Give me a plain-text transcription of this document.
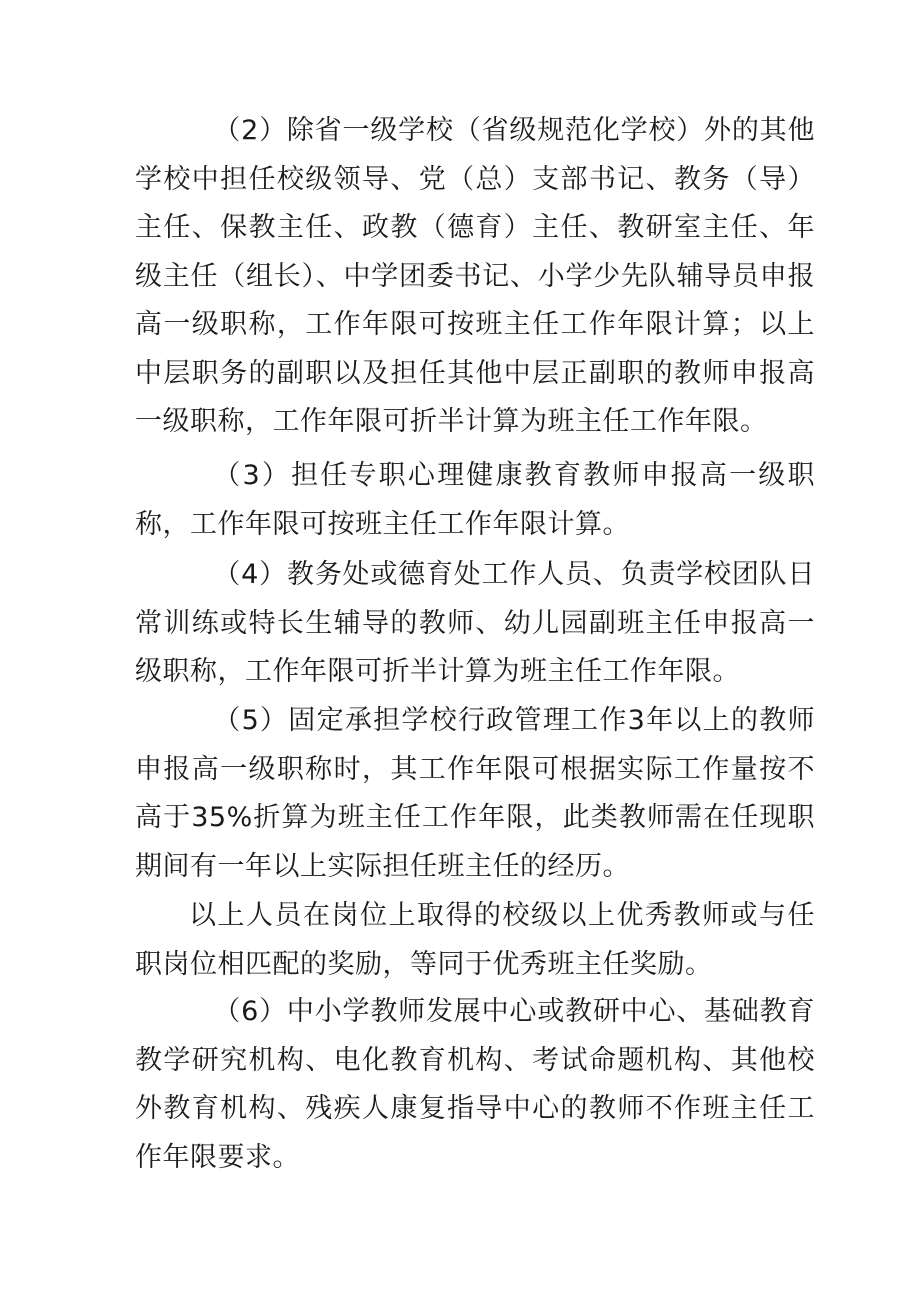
（2）除省一级学校（省级规范化学校）外的其他学校中担任校级领导、党（总）支部书记、教务（导）主任、保教主任、政教（德育）主任、教研室主任、年级主任（组长）、中学团委书记、小学少先队辅导员申报高一级职称，工作年限可按班主任工作年限计算；以上中层职务的副职以及担任其他中层正副职的教师申报高一级职称，工作年限可折半计算为班主任工作年限。

（3）担任专职心理健康教育教师申报高一级职称，工作年限可按班主任工作年限计算。

（4）教务处或德育处工作人员、负责学校团队日常训练或特长生辅导的教师、幼儿园副班主任申报高一级职称，工作年限可折半计算为班主任工作年限。

（5）固定承担学校行政管理工作3年以上的教师申报高一级职称时，其工作年限可根据实际工作量按不高于35%折算为班主任工作年限，此类教师需在任现职期间有一年以上实际担任班主任的经历。

以上人员在岗位上取得的校级以上优秀教师或与任职岗位相匹配的奖励，等同于优秀班主任奖励。

（6）中小学教师发展中心或教研中心、基础教育教学研究机构、电化教育机构、考试命题机构、其他校外教育机构、残疾人康复指导中心的教师不作班主任工作年限要求。
